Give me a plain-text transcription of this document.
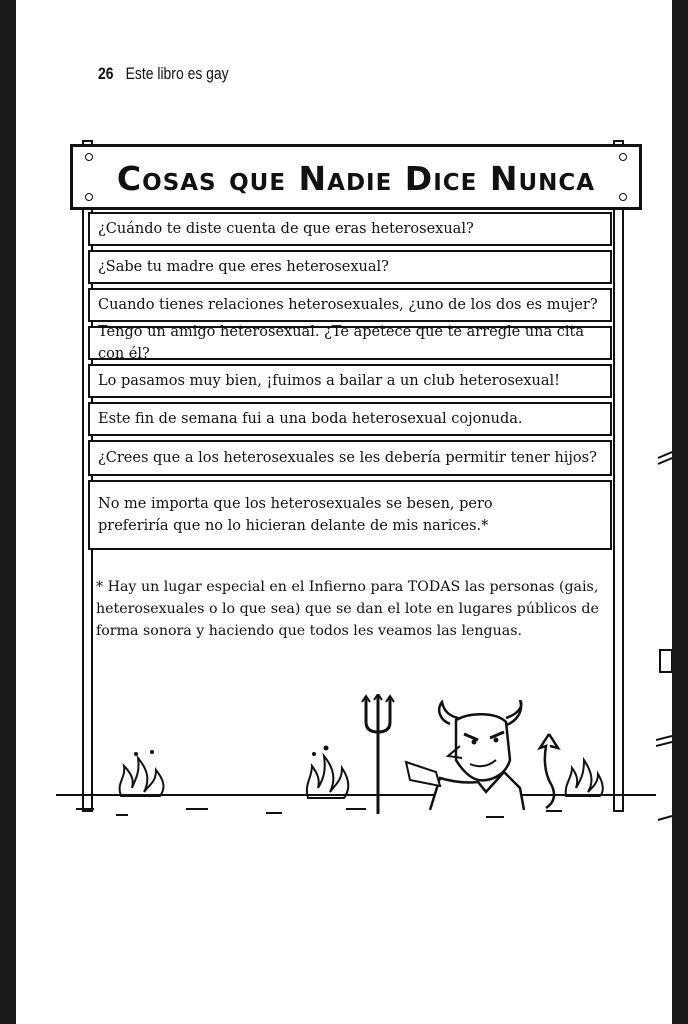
26 Este libro es gay
Cosas que Nadie Dice Nunca
¿Cuándo te diste cuenta de que eras heterosexual?
¿Sabe tu madre que eres heterosexual?
Cuando tienes relaciones heterosexuales, ¿uno de los dos es mujer?
Tengo un amigo heterosexual. ¿Te apetece que te arregle una cita con él?
Lo pasamos muy bien, ¡fuimos a bailar a un club heterosexual!
Este fin de semana fui a una boda heterosexual cojonuda.
¿Crees que a los heterosexuales se les debería permitir tener hijos?
No me importa que los heterosexuales se besen, pero preferiría que no lo hicieran delante de mis narices.*
* Hay un lugar especial en el Infierno para TODAS las personas (gais, heterosexuales o lo que sea) que se dan el lote en lugares públicos de forma sonora y haciendo que todos les veamos las lenguas.
